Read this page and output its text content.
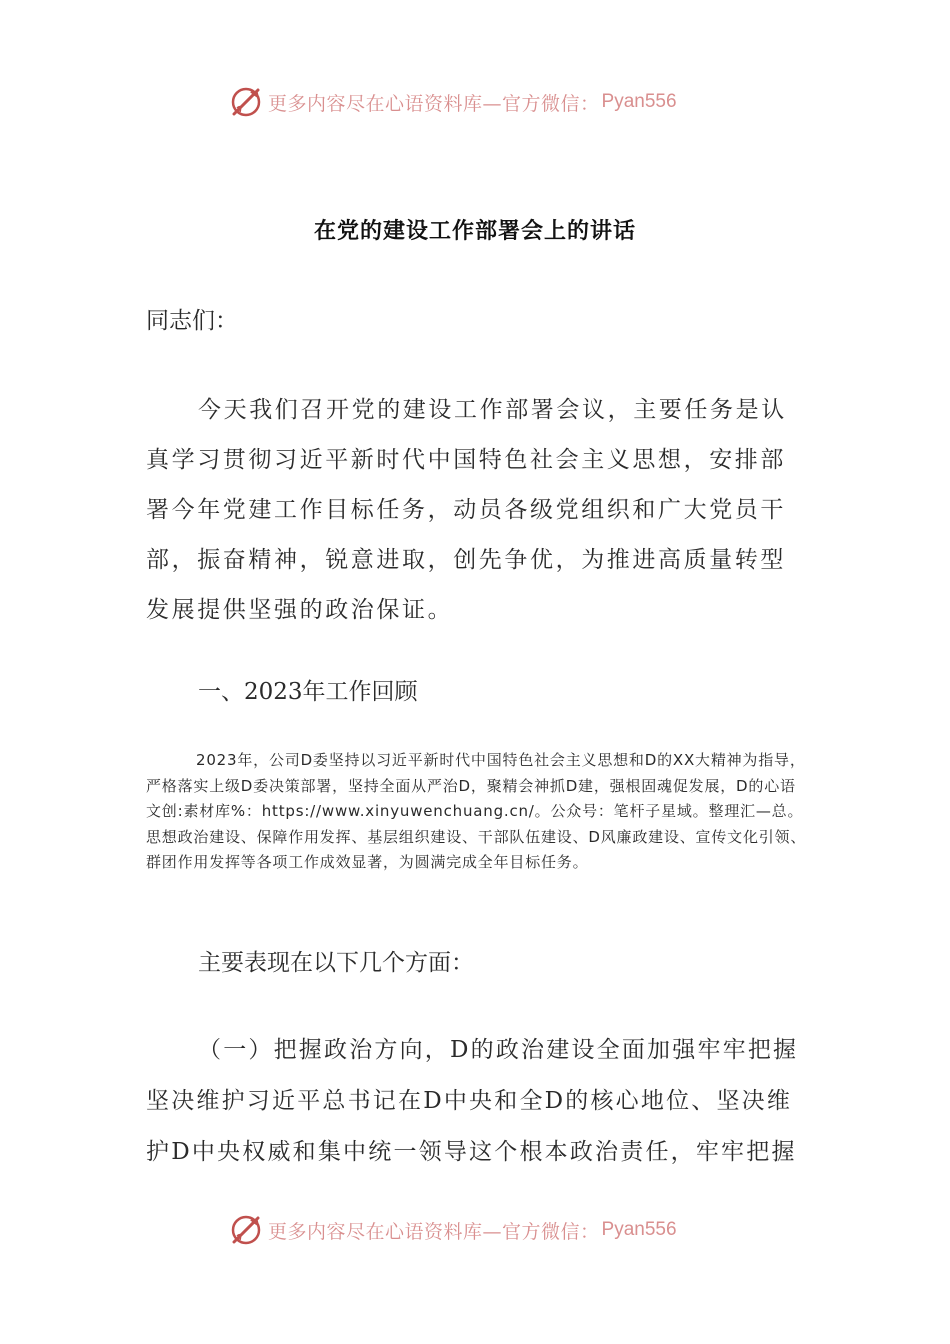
更多内容尽在心语资料库—官方微信： Pyan556
在党的建设工作部署会上的讲话
同志们：
今天我们召开党的建设工作部署会议，主要任务是认真学习贯彻习近平新时代中国特色社会主义思想，安排部署今年党建工作目标任务，动员各级党组织和广大党员干部，振奋精神，锐意进取，创先争优，为推进高质量转型发展提供坚强的政治保证。
一、2023年工作回顾
2023年，公司D委坚持以习近平新时代中国特色社会主义思想和D的XX大精神为指导，严格落实上级D委决策部署，坚持全面从严治D，聚精会神抓D建，强根固魂促发展，D的心语文创:素材库%：https://www.xinyuwenchuang.cn/。公众号：笔杆子星域。整理汇—总。思想政治建设、保障作用发挥、基层组织建设、干部队伍建设、D风廉政建设、宣传文化引领、群团作用发挥等各项工作成效显著，为圆满完成全年目标任务。
主要表现在以下几个方面：
（一）把握政治方向，D的政治建设全面加强牢牢把握坚决维护习近平总书记在D中央和全D的核心地位、坚决维护D中央权威和集中统一领导这个根本政治责任，牢牢把握
更多内容尽在心语资料库—官方微信： Pyan556
